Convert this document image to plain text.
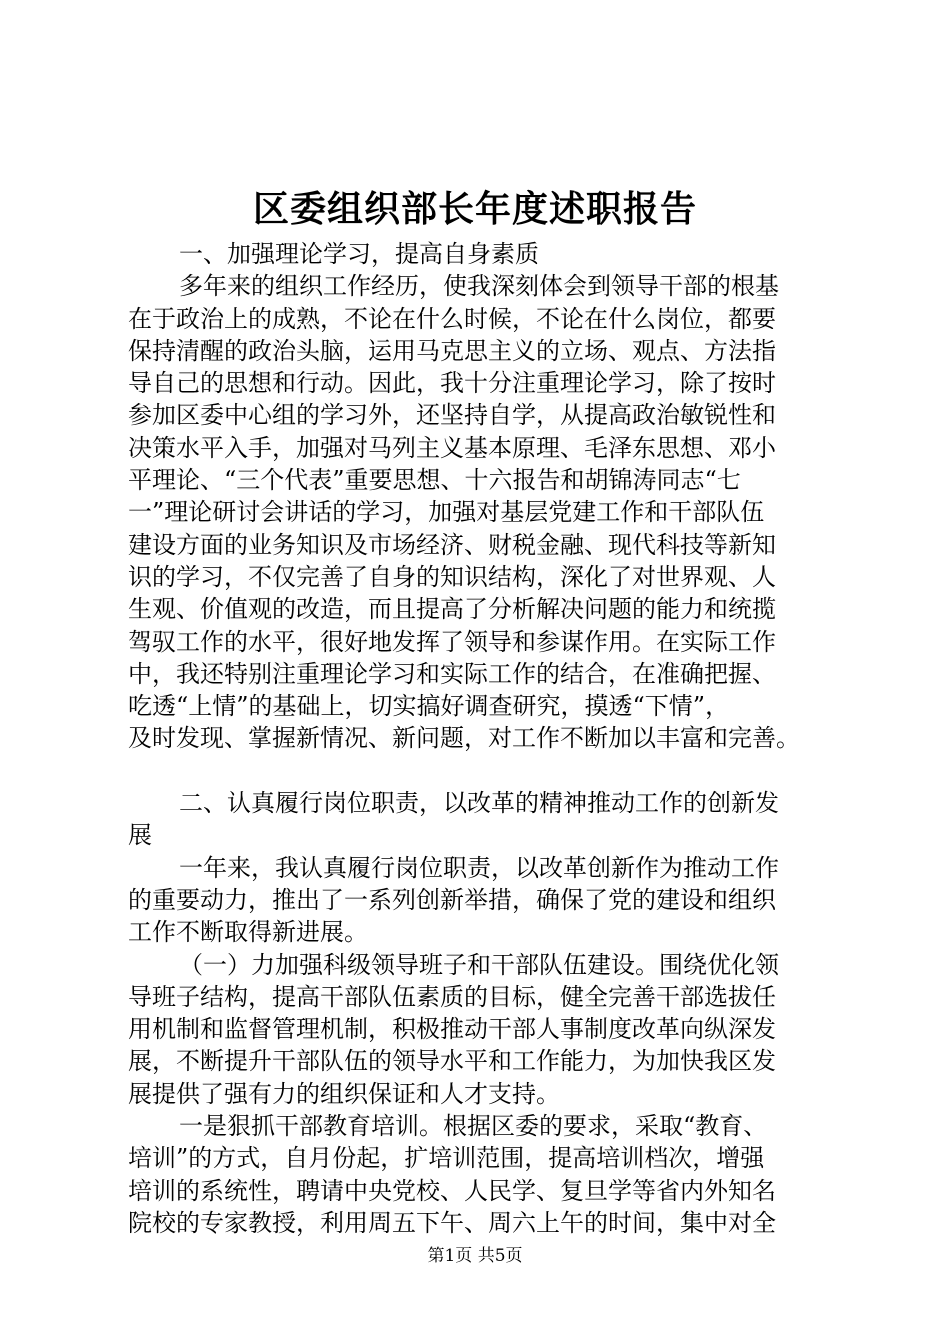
区委组织部长年度述职报告
一、加强理论学习，提高自身素质
多年来的组织工作经历，使我深刻体会到领导干部的根基
在于政治上的成熟，不论在什么时候，不论在什么岗位，都要
保持清醒的政治头脑，运用马克思主义的立场、观点、方法指
导自己的思想和行动。因此，我十分注重理论学习，除了按时
参加区委中心组的学习外，还坚持自学，从提高政治敏锐性和
决策水平入手，加强对马列主义基本原理、毛泽东思想、邓小
平理论、“三个代表”重要思想、十六报告和胡锦涛同志“七
一”理论研讨会讲话的学习，加强对基层党建工作和干部队伍
建设方面的业务知识及市场经济、财税金融、现代科技等新知
识的学习，不仅完善了自身的知识结构，深化了对世界观、人
生观、价值观的改造，而且提高了分析解决问题的能力和统揽
驾驭工作的水平，很好地发挥了领导和参谋作用。在实际工作
中，我还特别注重理论学习和实际工作的结合，在准确把握、
吃透“上情”的基础上，切实搞好调查研究，摸透“下情”，
及时发现、掌握新情况、新问题，对工作不断加以丰富和完善。
二、认真履行岗位职责，以改革的精神推动工作的创新发
展
一年来，我认真履行岗位职责，以改革创新作为推动工作
的重要动力，推出了一系列创新举措，确保了党的建设和组织
工作不断取得新进展。
（一）力加强科级领导班子和干部队伍建设。围绕优化领
导班子结构，提高干部队伍素质的目标，健全完善干部选拔任
用机制和监督管理机制，积极推动干部人事制度改革向纵深发
展，不断提升干部队伍的领导水平和工作能力，为加快我区发
展提供了强有力的组织保证和人才支持。
一是狠抓干部教育培训。根据区委的要求，采取“教育、
培训”的方式，自月份起，扩培训范围，提高培训档次，增强
培训的系统性，聘请中央党校、人民学、复旦学等省内外知名
院校的专家教授，利用周五下午、周六上午的时间，集中对全
第1页 共5页
